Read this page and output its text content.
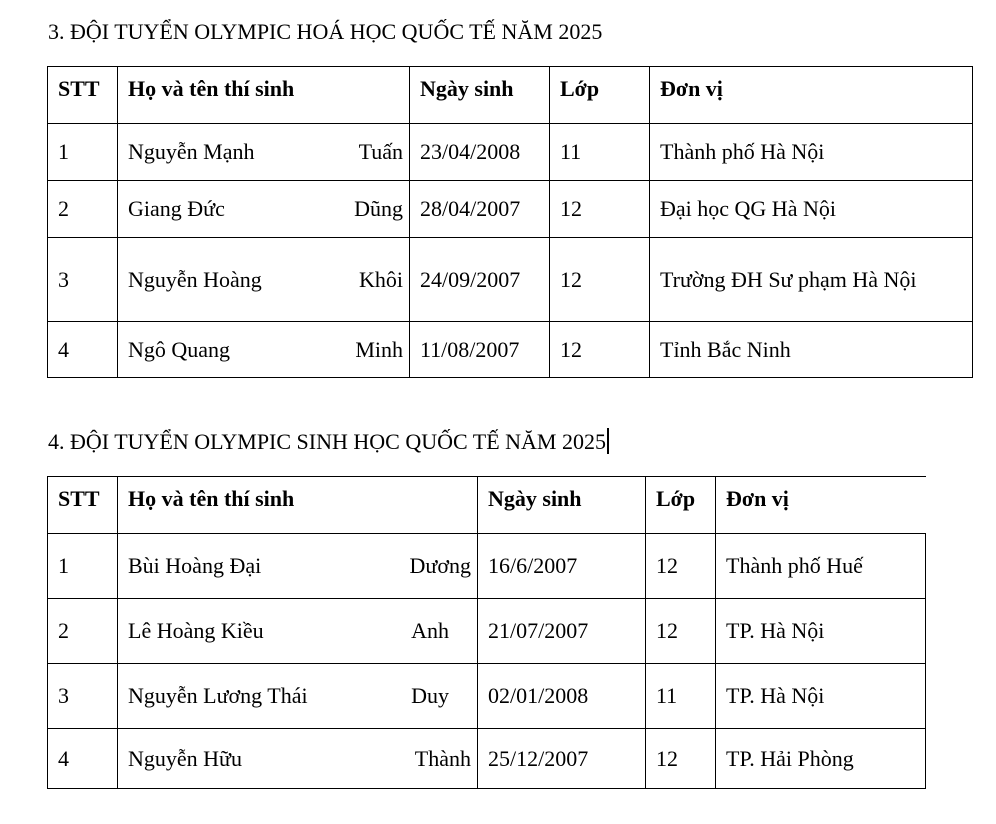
3. ĐỘI TUYỂN OLYMPIC HOÁ HỌC QUỐC TẾ NĂM 2025
STT	Họ và tên thí sinh	Ngày sinh	Lớp	Đơn vị
1	Nguyễn Mạnh Tuấn	23/04/2008	11	Thành phố Hà Nội
2	Giang Đức Dũng	28/04/2007	12	Đại học QG Hà Nội
3	Nguyễn Hoàng Khôi	24/09/2007	12	Trường ĐH Sư phạm Hà Nội
4	Ngô Quang Minh	11/08/2007	12	Tỉnh Bắc Ninh
4. ĐỘI TUYỂN OLYMPIC SINH HỌC QUỐC TẾ NĂM 2025
STT	Họ và tên thí sinh	Ngày sinh	Lớp	Đơn vị
1	Bùi Hoàng Đại Dương	16/6/2007	12	Thành phố Huế
2	Lê Hoàng Kiều Anh	21/07/2007	12	TP. Hà Nội
3	Nguyễn Lương Thái Duy	02/01/2008	11	TP. Hà Nội
4	Nguyễn Hữu Thành	25/12/2007	12	TP. Hải Phòng
